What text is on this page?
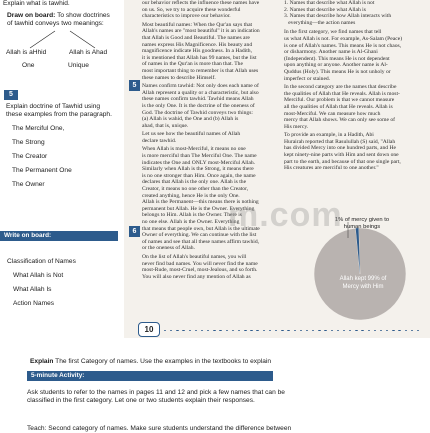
Explain what is tawhid.
Draw on board: To show doctrines
of tawhid conveys two meanings:
Allah is aHhid	Allah is Ahad
One	Unique
5
Explain doctrine of Tawhid using
these examples from the paragraph.
The Merciful One,
The Strong
The Creator
The Permanent One
The Owner
Write on board:
Classification of Names
What Allah is Not
What Allah Is
Action Names
5
6
our behavior reflects the influence these names have
on us. So, we try to acquire these wonderful
characteristics to improve our behavior.
Most beautiful names: When the Qur'an says that
Allah's names are "most beautiful" it is an indication
that Allah is Good and Beautiful. The names are
names express His Magnificence. His beauty and
magnificence indicate His goodness. In a Hadith,
it is mentioned that Allah has 99 names, but the list
of names in the Qur'an is more than that. The
most important thing to remember is that Allah uses
these names to describe Himself.
Names confirm tawhid: Not only does each name of
Allah represent a quality or a characteristic, but also
these names confirm tawhid. Tawhid means Allah
is the only One. It is the doctrine of the oneness of
God. The doctrine of Tawhid conveys two things:
(a) Allah is wahid, the One and (b) Allah is
ahad, that is, unique.
Let us see how the beautiful names of Allah
declare tawhid.
When Allah is most-Merciful, it means no one
is more merciful than The Merciful One. The name
indicates the One and ONLY most-Merciful Allah.
Similarly when Allah is the Strong, it means there
is no one stronger than Him. Once again, the name
declares that Allah is the only one. Allah is the
Creator, it means no one other than the Creator,
created anything, hence He is the only One.
Allah is the Permanent—this means there is nothing
permanent but Allah. He is the Owner. Everything
belongs to Him. Allah is the Owner. There is
no one else. Allah is the Owner. Everything
that means that people own, but Allah is the ultimate
Owner of everything. We can continue with the list
of names and see that all these names affirm tawhid,
or the oneness of Allah.
On the list of Allah's beautiful names, you will
never find bad names. You will never find the name
most-Rude, most-Cruel, most-Jealous, and so forth.
You will also never find any mention of Allah as
1. Names that describe what Allah is not
2. Names that describe what Allah is
3. Names that describe how Allah interacts with
everything—the action names
In the first category, we find names that tell
us what Allah is not. For example, As-Salam (Peace)
is one of Allah's names. This means He is not chaos,
or disharmony. Another name is Al-Ghani
(Independent). This means He is not dependent
upon anything or anyone. Another name is Al-
Quddus (Holy). This means He is not unholy or
imperfect or stained.
In the second category are the names that describe
the qualities of Allah that He reveals. Allah is most-
Merciful. Our problem is that we cannot measure
all the qualities of Allah that He reveals. Allah is
most-Merciful. We can measure how much
mercy that Allah shows. We can only see some of
His mercy.
To provide an example, in a Hadith, Abi
Hurairah reported that Rasulullah (S) said, "Allah
has divided Mercy into one hundred parts, and He
kept ninety-nine parts with Him and sent down one
part to the earth, and because of that one single part,
His creatures are merciful to one another."
1% of mercy given to
human beings
Allah kept 99% of
Mercy with Him
m.com
10
Explain The first Category of names. Use the examples in the textbooks to explain
5-minute Activity:
Ask students to refer to the names in pages 11 and 12 and pick a few names that can be
classified in the first category. Let one or two students explain their responses.
Teach: Second category of names. Make sure students understand the difference between
